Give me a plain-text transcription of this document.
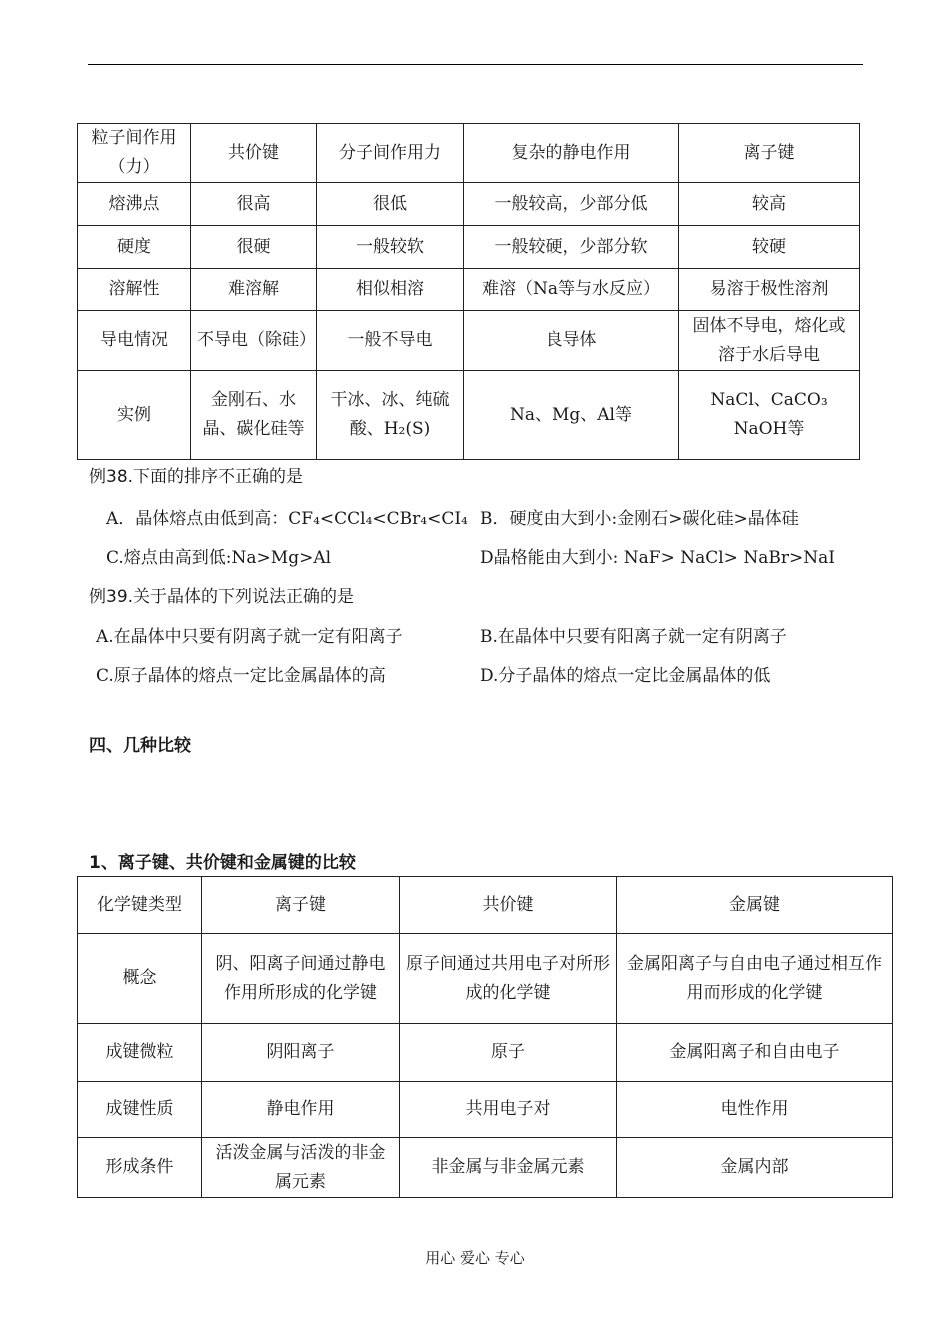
粒子间作用（力）	共价键	分子间作用力	复杂的静电作用	离子键
熔沸点	很高	很低	一般较高，少部分低	较高
硬度	很硬	一般较软	一般较硬，少部分软	较硬
溶解性	难溶解	相似相溶	难溶（Na等与水反应）	易溶于极性溶剂
导电情况	不导电（除硅）	一般不导电	良导体	固体不导电，熔化或溶于水后导电
实例	金刚石、水晶、碳化硅等	干冰、冰、纯硫酸、H₂(S)	Na、Mg、Al等	NaCl、CaCO₃ NaOH等
例38.下面的排序不正确的是
A．晶体熔点由低到高：CF₄<CCl₄<CBr₄<CI₄ B．硬度由大到小:金刚石>碳化硅>晶体硅
C.熔点由高到低:Na>Mg>Al	D晶格能由大到小: NaF> NaCl> NaBr>NaI
例39.关于晶体的下列说法正确的是
A.在晶体中只要有阴离子就一定有阳离子	B.在晶体中只要有阳离子就一定有阴离子
C.原子晶体的熔点一定比金属晶体的高	D.分子晶体的熔点一定比金属晶体的低
四、几种比较
1、离子键、共价键和金属键的比较
化学键类型	离子键	共价键	金属键
概念	阴、阳离子间通过静电作用所形成的化学键	原子间通过共用电子对所形成的化学键	金属阳离子与自由电子通过相互作用而形成的化学键
成键微粒	阴阳离子	原子	金属阳离子和自由电子
成键性质	静电作用	共用电子对	电性作用
形成条件	活泼金属与活泼的非金属元素	非金属与非金属元素	金属内部
用心 爱心 专心
